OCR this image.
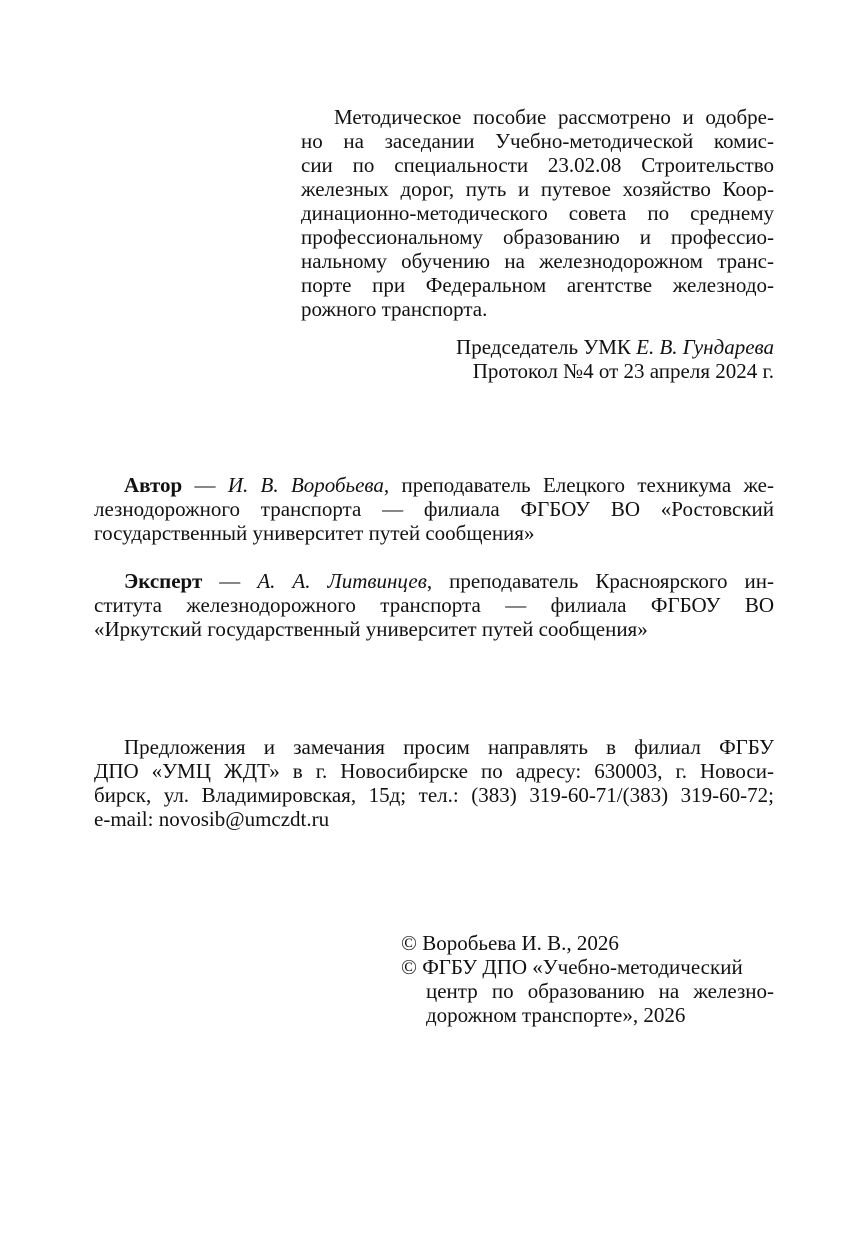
Методическое пособие рассмотрено и одобре-
но на заседании Учебно-методической комис-
сии по специальности 23.02.08 Строительство
железных дорог, путь и путевое хозяйство Коор-
динационно-методического совета по среднему
профессиональному образованию и профессио-
нальному обучению на железнодорожном транс-
порте при Федеральном агентстве железнодо-
рожного транспорта.
Председатель УМК Е. В. Гундарева
Протокол №4 от 23 апреля 2024 г.
Автор — И. В. Воробьева, преподаватель Елецкого техникума же-
лезнодорожного транспорта — филиала ФГБОУ ВО «Ростовский
государственный университет путей сообщения»
Эксперт — А. А. Литвинцев, преподаватель Красноярского ин-
ститута железнодорожного транспорта — филиала ФГБОУ ВО
«Иркутский государственный университет путей сообщения»
Предложения и замечания просим направлять в филиал ФГБУ
ДПО «УМЦ ЖДТ» в г. Новосибирске по адресу: 630003, г. Новоси-
бирск, ул. Владимировская, 15д; тел.: (383) 319-60-71/(383) 319-60-72;
e-mail: novosib@umczdt.ru
© Воробьева И. В., 2026
© ФГБУ ДПО «Учебно-методический
центр по образованию на железно-
дорожном транспорте», 2026
